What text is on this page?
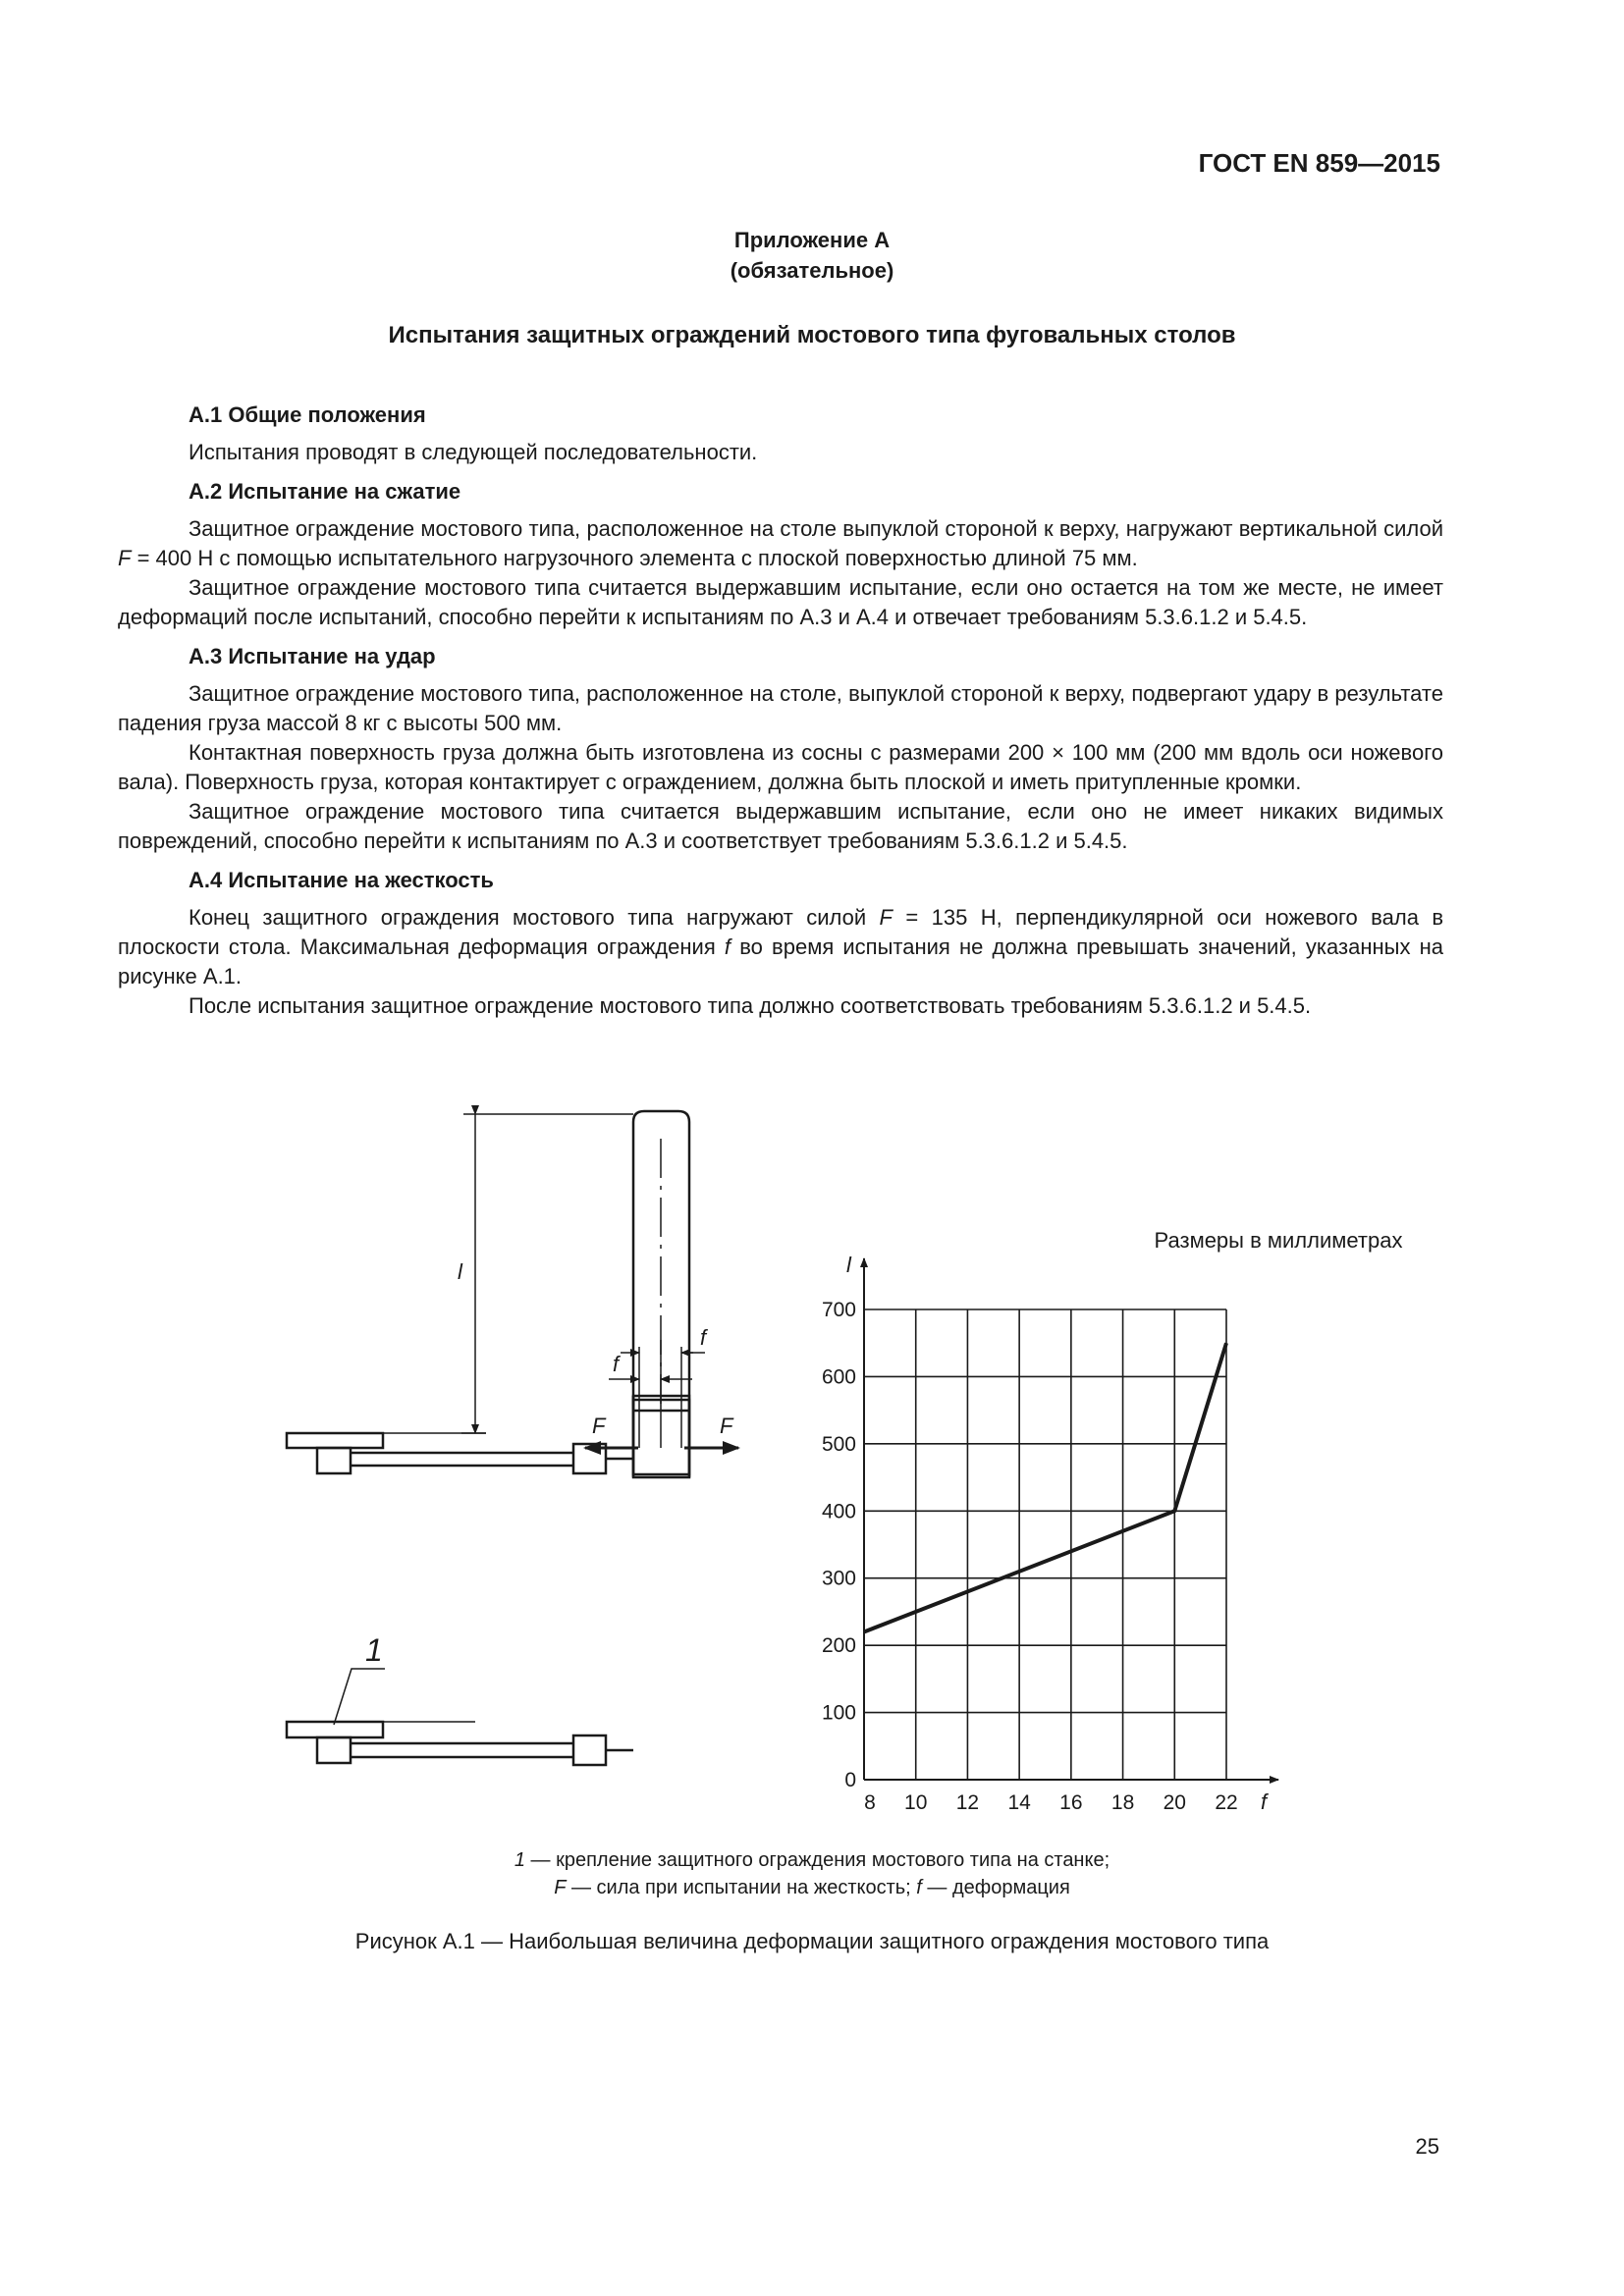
ГОСТ EN 859—2015
Приложение А
(обязательное)
Испытания защитных ограждений мостового типа фуговальных столов
А.1 Общие положения

Испытания проводят в следующей последовательности.

А.2 Испытание на сжатие

Защитное ограждение мостового типа, расположенное на столе выпуклой стороной к верху, нагружают вертикальной силой F = 400 Н с помощью испытательного нагрузочного элемента с плоской поверхностью длиной 75 мм.

Защитное ограждение мостового типа считается выдержавшим испытание, если оно остается на том же месте, не имеет деформаций после испытаний, способно перейти к испытаниям по А.3 и А.4 и отвечает требованиям 5.3.6.1.2 и 5.4.5.

А.3 Испытание на удар

Защитное ограждение мостового типа, расположенное на столе, выпуклой стороной к верху, подвергают удару в результате падения груза массой 8 кг с высоты 500 мм.

Контактная поверхность груза должна быть изготовлена из сосны с размерами 200 × 100 мм (200 мм вдоль оси ножевого вала). Поверхность груза, которая контактирует с ограждением, должна быть плоской и иметь притупленные кромки.

Защитное ограждение мостового типа считается выдержавшим испытание, если оно не имеет никаких видимых повреждений, способно перейти к испытаниям по А.3 и соответствует требованиям 5.3.6.1.2 и 5.4.5.

А.4 Испытание на жесткость

Конец защитного ограждения мостового типа нагружают силой F = 135 Н, перпендикулярной оси ножевого вала в плоскости стола. Максимальная деформация ограждения f во время испытания не должна превышать значений, указанных на рисунке А.1.

После испытания защитное ограждение мостового типа должно соответствовать требованиям 5.3.6.1.2 и 5.4.5.

l
1
F	F
f
f
8 10 12 14 16 18 20 22
0
100
200
300
400
500
600
700
l
f
Размеры в миллиметрах
1 — крепление защитного ограждения мостового типа на станке;
F — сила при испытании на жесткость; f — деформация
Рисунок А.1 — Наибольшая величина деформации защитного ограждения мостового типа
25
